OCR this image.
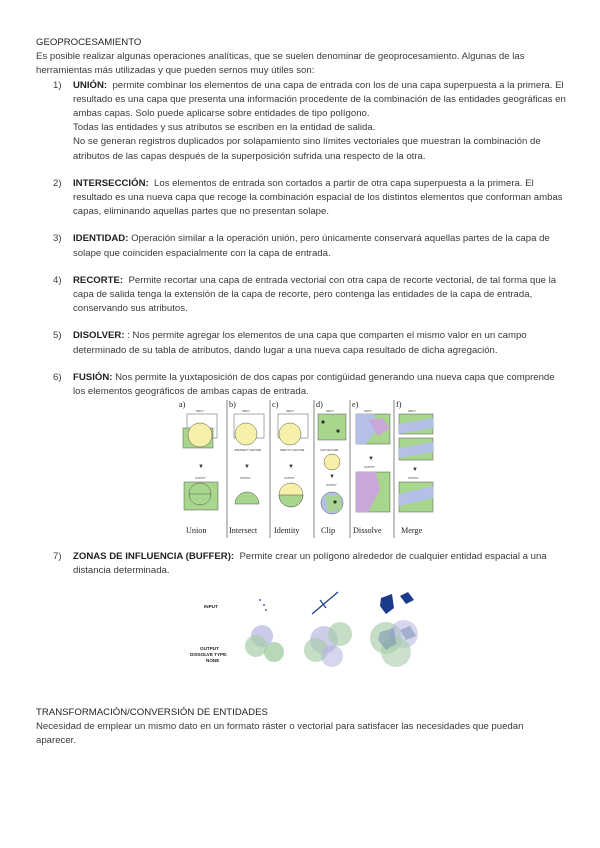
GEOPROCESAMIENTO

Es posible realizar algunas operaciones analíticas, que se suelen denominar de geoprocesamiento. Algunas de las herramientas más utilizadas y que pueden sernos muy útiles son:

1) UNIÓN: permite combinar los elementos de una capa de entrada con los de una capa superpuesta a la primera. El resultado es una capa que presenta una información procedente de la combinación de las entidades geográficas en ambas capas. Solo puede aplicarse sobre entidades de tipo polígono.
Todas las entidades y sus atributos se escriben en la entidad de salida.
No se generan registros duplicados por solapamiento sino límites vectoriales que muestran la combinación de atributos de las capas después de la superposición sufrida una respecto de la otra.
2) INTERSECCIÓN: Los elementos de entrada son cortados a partir de otra capa superpuesta a la primera. El resultado es una nueva capa que recoge la combinación espacial de los distintos elementos que conforman ambas capas, eliminando aquellas partes que no presentan solape.
3) IDENTIDAD: Operación similar a la operación unión, pero únicamente conservará aquellas partes de la capa de solape que coinciden espacialmente con la capa de entrada.
4) RECORTE: Permite recortar una capa de entrada vectorial con otra capa de recorte vectorial, de tal forma que la capa de salida tenga la extensión de la capa de recorte, pero contenga las entidades de la capa de entrada, conservando sus atributos.
5) DISOLVER: : Nos permite agregar los elementos de una capa que comparten el mismo valor en un campo determinado de su tabla de atributos, dando lugar a una nueva capa resultado de dicha agregación.
6) FUSIÓN: Nos permite la yuxtaposición de dos capas por contigüidad generando una nueva capa que comprende los elementos geográficos de ambas capas de entrada.
a)	b)	c)	d)	e)	f)
INPUT
▼
OUTPUT
Union
INPUT
INTERSECT FEATURE
▼
OUTPUT
Intersect
INPUT
IDENTITY FEATURE
▼
OUTPUT
Identity
INPUT
CLIP FEATURE
▼
OUTPUT
Clip
INPUT
▼
OUTPUT
Dissolve
INPUT
▼
OUTPUT
Merge
7) ZONAS DE INFLUENCIA (BUFFER): Permite crear un polígono alrededor de cualquier entidad espacial a una distancia determinada.
INPUT
OUTPUT
DISSOLVE TYPE:
NONE

TRANSFORMACIÓN/CONVERSIÓN DE ENTIDADES

Necesidad de emplear un mismo dato en un formato ráster o vectorial para satisfacer las necesidades que puedan aparecer.
